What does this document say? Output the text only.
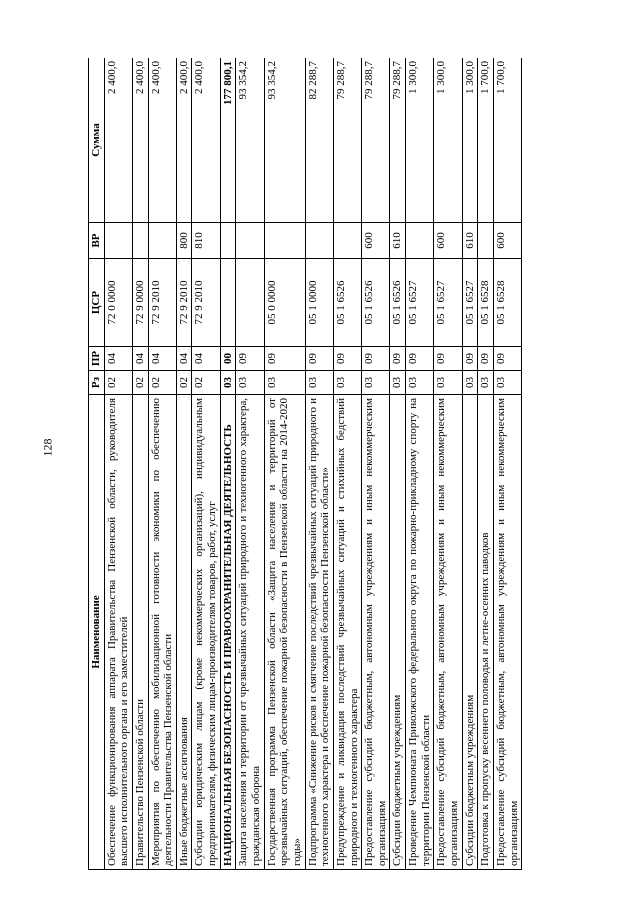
128
Наименование	Рз	ПР	ЦСР	ВР	Сумма
Обеспечение функционирования аппарата Правительства Пензенской области, руководителя высшего исполнительного органа и его заместителей	02	04	72 0 0000		2 400,0
Правительство Пензенской области	02	04	72 9 0000		2 400,0
Мероприятия по обеспечению мобилизационной готовности экономики по обеспечению деятельности Правительства Пензенской области	02	04	72 9 2010		2 400,0
Иные бюджетные ассигнования	02	04	72 9 2010	800	2 400,0
Субсидии юридическим лицам (кроме некоммерческих организаций), индивидуальным предпринимателям, физическим лицам-производителям товаров, работ, услуг	02	04	72 9 2010	810	2 400,0
НАЦИОНАЛЬНАЯ БЕЗОПАСНОСТЬ И ПРАВООХРАНИТЕЛЬНАЯ ДЕЯТЕЛЬНОСТЬ	03	00			177 800,1
Защита населения и территории от чрезвычайных ситуаций природного и техногенного характера, гражданская оборона	03	09			93 354,2
Государственная программа Пензенской области «Защита населения и территорий от чрезвычайных ситуаций, обеспечение пожарной безопасности в Пензенской области на 2014-2020 годы»	03	09	05 0 0000		93 354,2
Подпрограмма «Снижение рисков и смягчение последствий чрезвычайных ситуаций природного и техногенного характера и обеспечение пожарной безопасности Пензенской области»	03	09	05 1 0000		82 288,7
Предупреждение и ликвидация последствий чрезвычайных ситуаций и стихийных бедствий природного и техногенного характера	03	09	05 1 6526		79 288,7
Предоставление субсидий бюджетным, автономным учреждениям и иным некоммерческим организациям	03	09	05 1 6526	600	79 288,7
Субсидии бюджетным учреждениям	03	09	05 1 6526	610	79 288,7
Проведение Чемпионата Приволжского федерального округа по пожарно-прикладному спорту на территории Пензенской области	03	09	05 1 6527		1 300,0
Предоставление субсидий бюджетным, автономным учреждениям и иным некоммерческим организациям	03	09	05 1 6527	600	1 300,0
Субсидии бюджетным учреждениям	03	09	05 1 6527	610	1 300,0
Подготовка к пропуску весеннего половодья и летне-осенних паводков	03	09	05 1 6528		1 700,0
Предоставление субсидий бюджетным, автономным учреждениям и иным некоммерческим организациям	03	09	05 1 6528	600	1 700,0
